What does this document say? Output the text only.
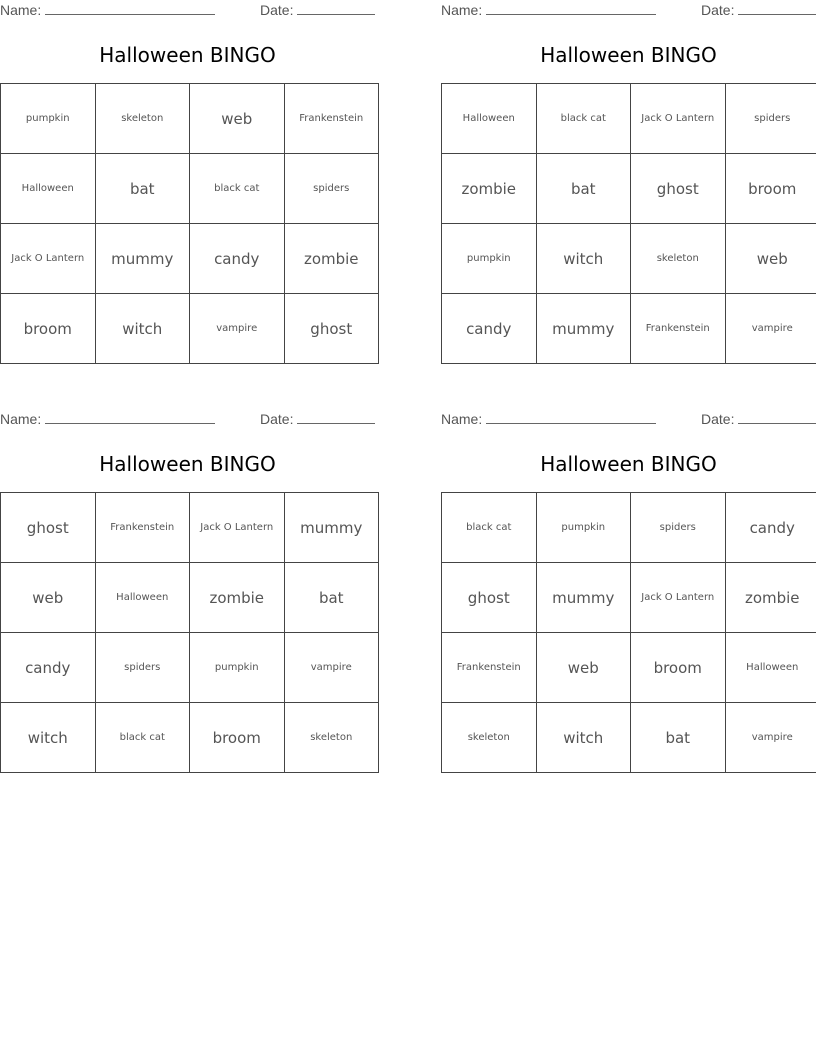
Name:	Date:
Halloween BINGO
pumpkin	skeleton	web	Frankenstein
Halloween	bat	black cat	spiders
Jack O Lantern	mummy	candy	zombie
broom	witch	vampire	ghost
Name:	Date:
Halloween BINGO
Halloween	black cat	Jack O Lantern	spiders
zombie	bat	ghost	broom
pumpkin	witch	skeleton	web
candy	mummy	Frankenstein	vampire
Name:	Date:
Halloween BINGO
ghost	Frankenstein	Jack O Lantern	mummy
web	Halloween	zombie	bat
candy	spiders	pumpkin	vampire
witch	black cat	broom	skeleton
Name:	Date:
Halloween BINGO
black cat	pumpkin	spiders	candy
ghost	mummy	Jack O Lantern	zombie
Frankenstein	web	broom	Halloween
skeleton	witch	bat	vampire
